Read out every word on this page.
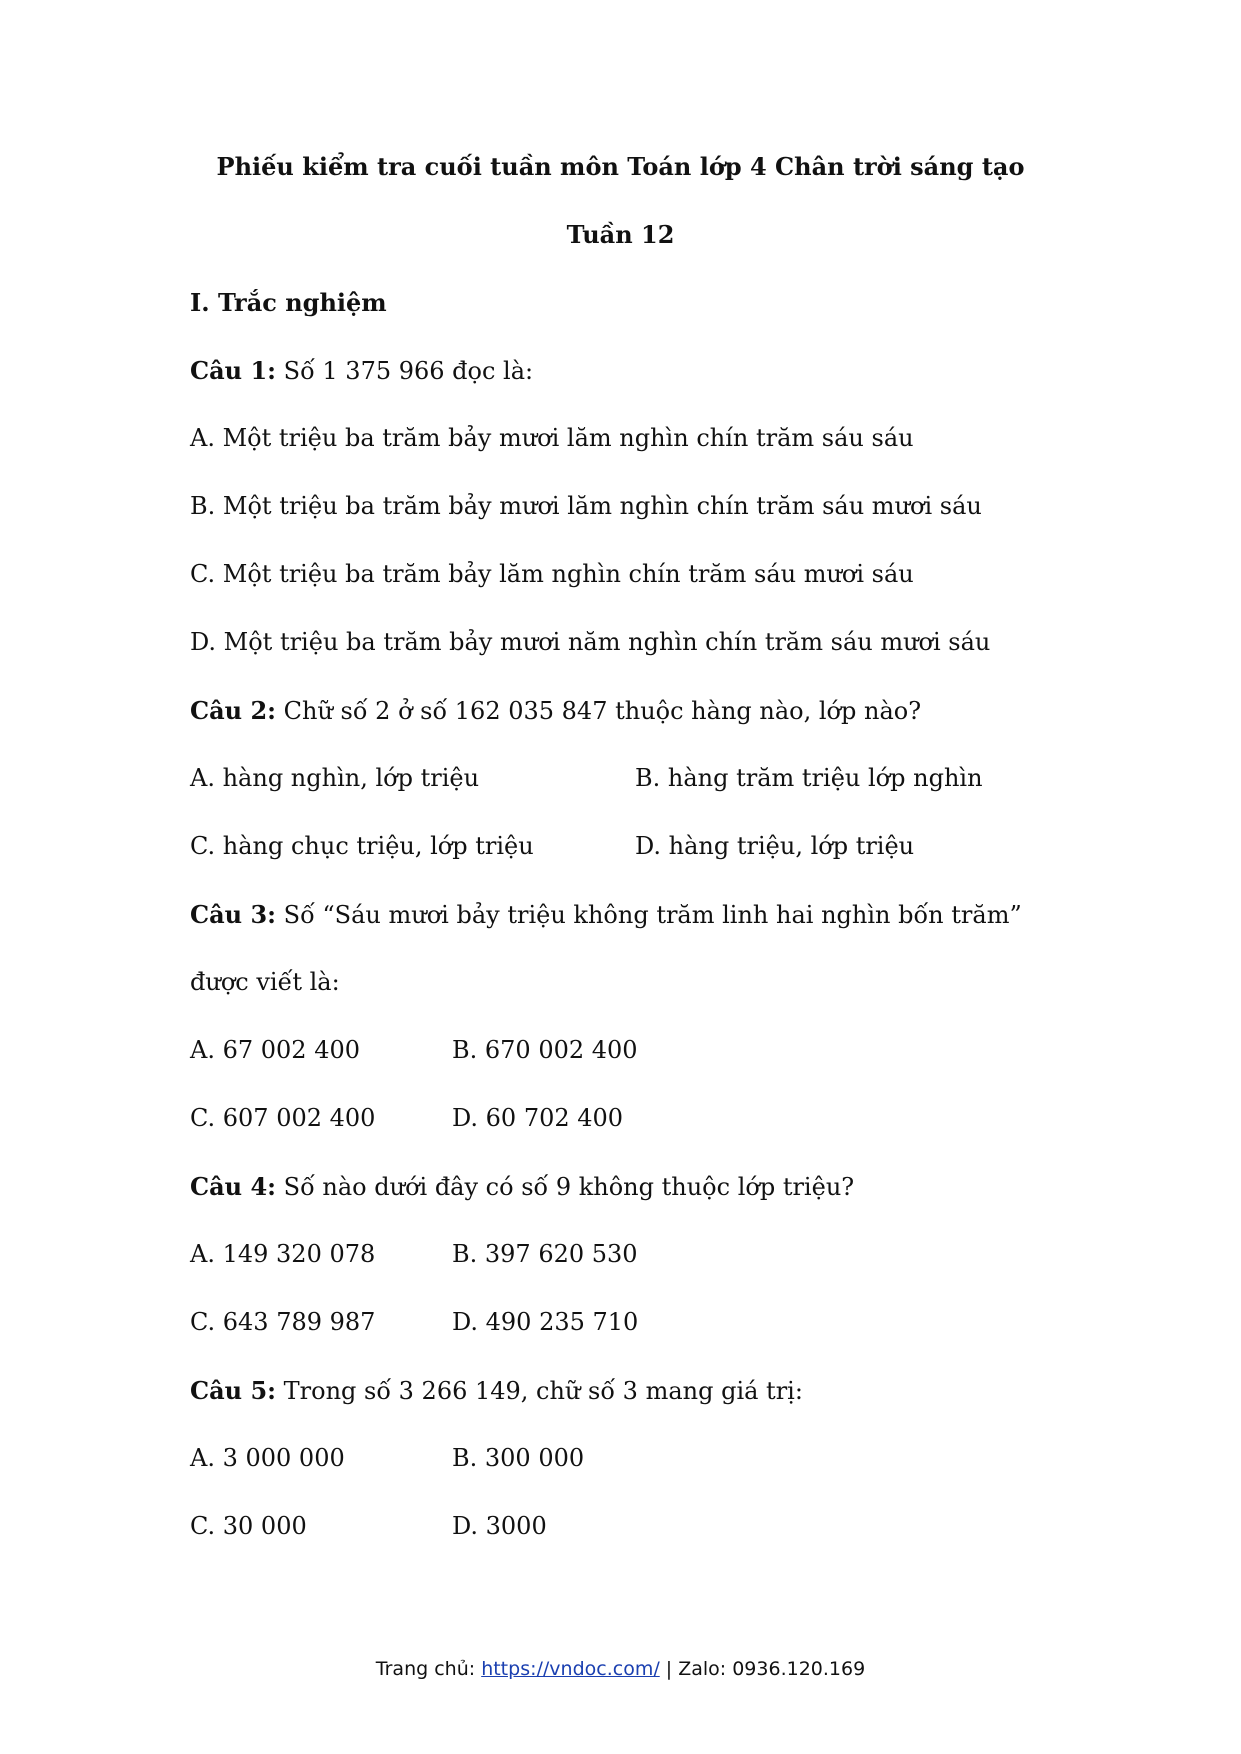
Phiếu kiểm tra cuối tuần môn Toán lớp 4 Chân trời sáng tạo
Tuần 12
I. Trắc nghiệm
Câu 1: Số 1 375 966 đọc là:
A. Một triệu ba trăm bảy mươi lăm nghìn chín trăm sáu sáu
B. Một triệu ba trăm bảy mươi lăm nghìn chín trăm sáu mươi sáu
C. Một triệu ba trăm bảy lăm nghìn chín trăm sáu mươi sáu
D. Một triệu ba trăm bảy mươi năm nghìn chín trăm sáu mươi sáu
Câu 2: Chữ số 2 ở số 162 035 847 thuộc hàng nào, lớp nào?
A. hàng nghìn, lớp triệu	B. hàng trăm triệu lớp nghìn
C. hàng chục triệu, lớp triệu	D. hàng triệu, lớp triệu
Câu 3: Số “Sáu mươi bảy triệu không trăm linh hai nghìn bốn trăm”
được viết là:
A. 67 002 400	B. 670 002 400
C. 607 002 400	D. 60 702 400
Câu 4: Số nào dưới đây có số 9 không thuộc lớp triệu?
A. 149 320 078	B. 397 620 530
C. 643 789 987	D. 490 235 710
Câu 5: Trong số 3 266 149, chữ số 3 mang giá trị:
A. 3 000 000	B. 300 000
C. 30 000	D. 3000
Trang chủ: https://vndoc.com/ | Zalo: 0936.120.169
